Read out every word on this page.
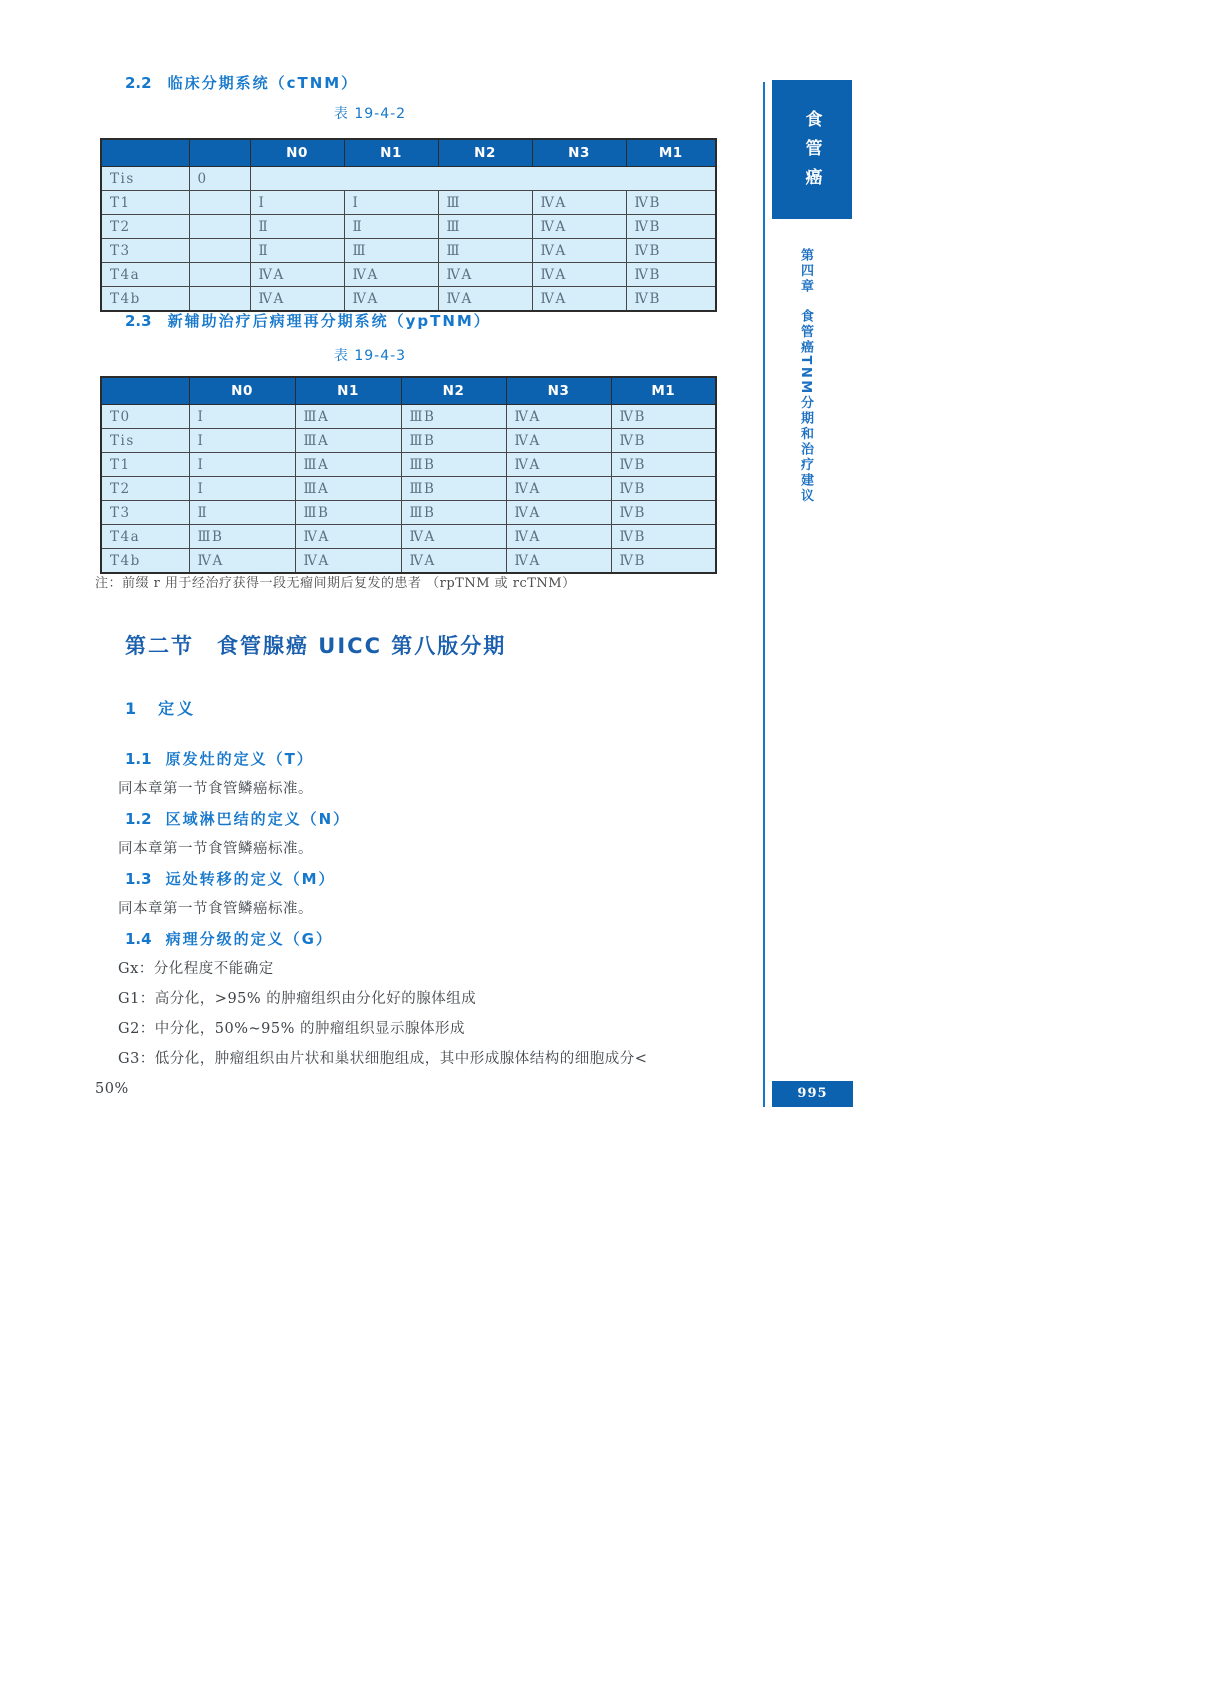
2.2 临床分期系统（cTNM）
表 19-4-2
		N0	N1	N2	N3	M1
Tis	0					
T1		Ⅰ	Ⅰ	Ⅲ	ⅣA	ⅣB
T2		Ⅱ	Ⅱ	Ⅲ	ⅣA	ⅣB
T3		Ⅱ	Ⅲ	Ⅲ	ⅣA	ⅣB
T4a		ⅣA	ⅣA	ⅣA	ⅣA	ⅣB
T4b		ⅣA	ⅣA	ⅣA	ⅣA	ⅣB
2.3 新辅助治疗后病理再分期系统（ypTNM）
表 19-4-3
	N0	N1	N2	N3	M1
T0	Ⅰ	ⅢA	ⅢB	ⅣA	ⅣB
Tis	Ⅰ	ⅢA	ⅢB	ⅣA	ⅣB
T1	Ⅰ	ⅢA	ⅢB	ⅣA	ⅣB
T2	Ⅰ	ⅢA	ⅢB	ⅣA	ⅣB
T3	Ⅱ	ⅢB	ⅢB	ⅣA	ⅣB
T4a	ⅢB	ⅣA	ⅣA	ⅣA	ⅣB
T4b	ⅣA	ⅣA	ⅣA	ⅣA	ⅣB
注：前缀 r 用于经治疗获得一段无瘤间期后复发的患者 （rpTNM 或 rcTNM）
第二节　食管腺癌 UICC 第八版分期
1　定义
1.1 原发灶的定义（T）
同本章第一节食管鳞癌标准。
1.2 区域淋巴结的定义（N）
同本章第一节食管鳞癌标准。
1.3 远处转移的定义（M）
同本章第一节食管鳞癌标准。
1.4 病理分级的定义（G）
Gx：分化程度不能确定
G1：高分化，>95% 的肿瘤组织由分化好的腺体组成
G2：中分化，50%~95% 的肿瘤组织显示腺体形成
G3：低分化，肿瘤组织由片状和巢状细胞组成，其中形成腺体结构的细胞成分<
50%
食管癌
第四章食管癌TNM分期和治疗建议
995
